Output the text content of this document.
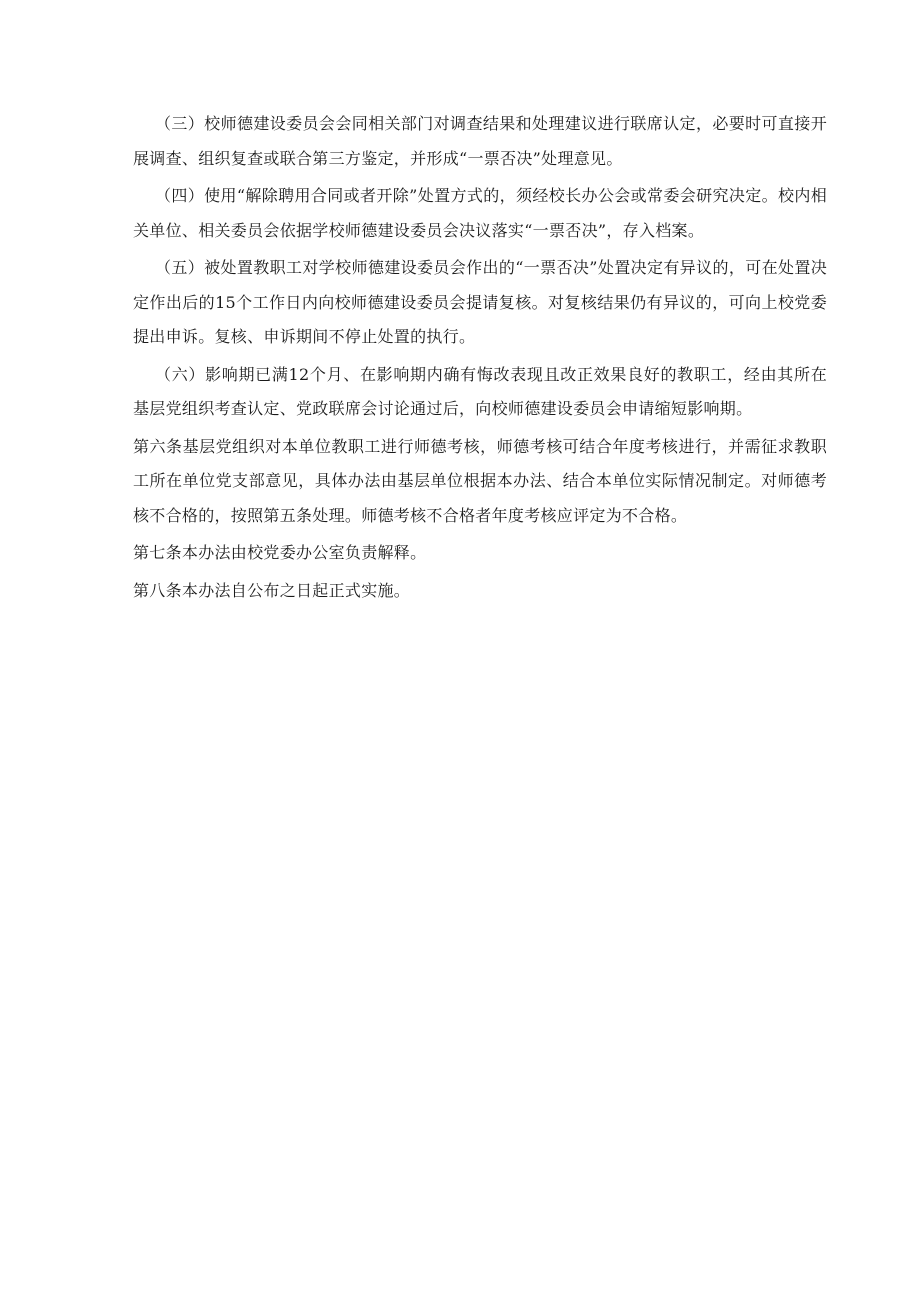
（三）校师德建设委员会会同相关部门对调查结果和处理建议进行联席认定，必要时可直接开展调查、组织复查或联合第三方鉴定，并形成“一票否决”处理意见。

（四）使用“解除聘用合同或者开除”处置方式的，须经校长办公会或常委会研究决定。校内相关单位、相关委员会依据学校师德建设委员会决议落实“一票否决”，存入档案。

（五）被处置教职工对学校师德建设委员会作出的“一票否决”处置决定有异议的，可在处置决定作出后的15个工作日内向校师德建设委员会提请复核。对复核结果仍有异议的，可向上校党委提出申诉。复核、申诉期间不停止处置的执行。

（六）影响期已满12个月、在影响期内确有悔改表现且改正效果良好的教职工，经由其所在基层党组织考查认定、党政联席会讨论通过后，向校师德建设委员会申请缩短影响期。

第六条基层党组织对本单位教职工进行师德考核，师德考核可结合年度考核进行，并需征求教职工所在单位党支部意见，具体办法由基层单位根据本办法、结合本单位实际情况制定。对师德考核不合格的，按照第五条处理。师德考核不合格者年度考核应评定为不合格。

第七条本办法由校党委办公室负责解释。

第八条本办法自公布之日起正式实施。
